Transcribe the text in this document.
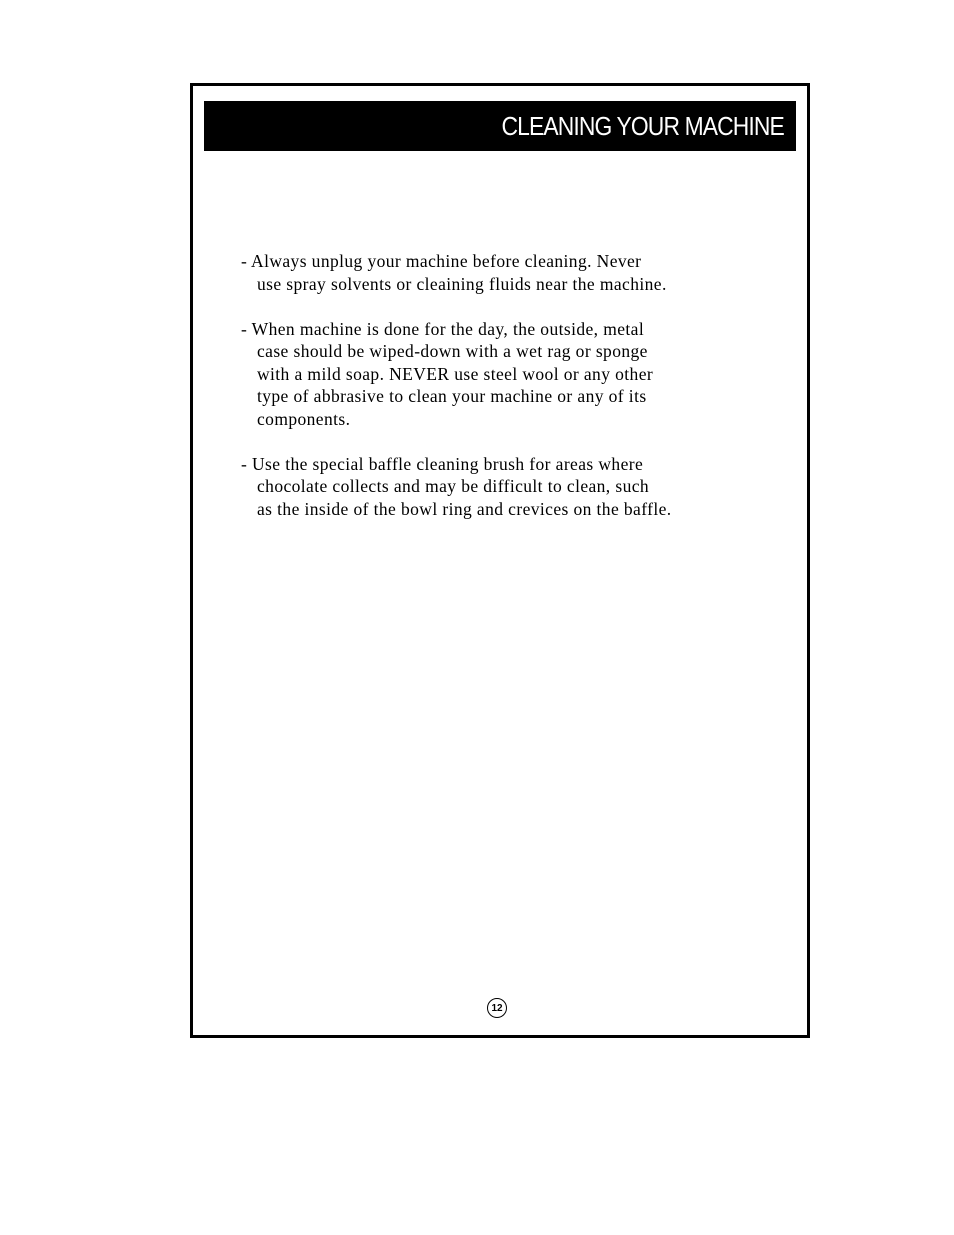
CLEANING YOUR MACHINE

- Always unplug your machine before cleaning. Never
use spray solvents or cleaining fluids near the machine.

- When machine is done for the day, the outside, metal
case should be wiped-down with a wet rag or sponge
with a mild soap. NEVER use steel wool or any other
type of abbrasive to clean your machine or any of its
components.

- Use the special baffle cleaning brush for areas where
chocolate collects and may be difficult to clean, such
as the inside of the bowl ring and crevices on the baffle.

12
